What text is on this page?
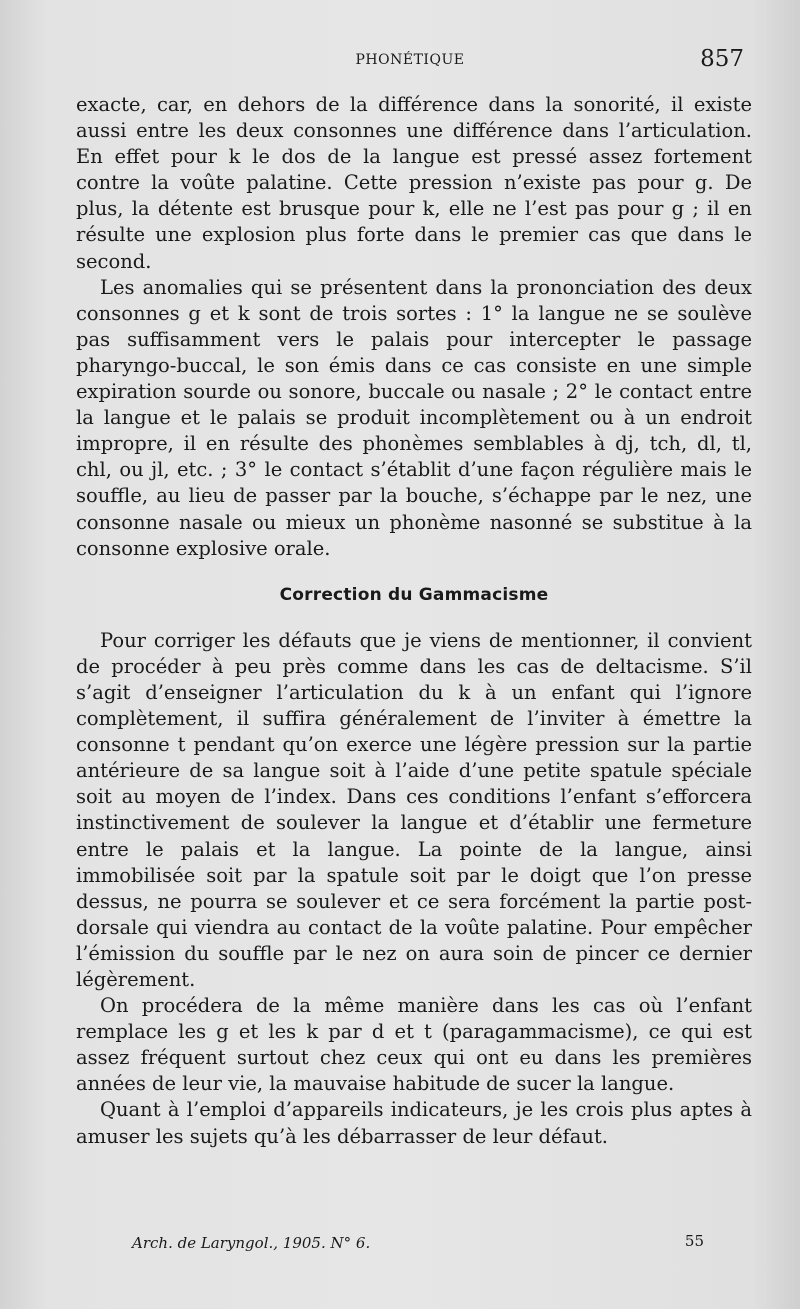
PHONÉTIQUE	857

exacte, car, en dehors de la différence dans la sonorité, il existe aussi entre les deux consonnes une différence dans l’articulation. En effet pour k le dos de la langue est pressé assez fortement contre la voûte palatine. Cette pression n’existe pas pour g. De plus, la détente est brusque pour k, elle ne l’est pas pour g ; il en résulte une explosion plus forte dans le premier cas que dans le second.

Les anomalies qui se présentent dans la prononciation des deux consonnes g et k sont de trois sortes : 1° la langue ne se soulève pas suffisamment vers le palais pour intercepter le passage pharyngo-buccal, le son émis dans ce cas consiste en une simple expiration sourde ou sonore, buccale ou nasale ; 2° le contact entre la langue et le palais se produit incomplètement ou à un endroit impropre, il en résulte des phonèmes semblables à dj, tch, dl, tl, chl, ou jl, etc. ; 3° le contact s’établit d’une façon régulière mais le souffle, au lieu de passer par la bouche, s’échappe par le nez, une consonne nasale ou mieux un phonème nasonné se substitue à la consonne explosive orale.

Correction du Gammacisme

Pour corriger les défauts que je viens de mentionner, il convient de procéder à peu près comme dans les cas de deltacisme. S’il s’agit d’enseigner l’articulation du k à un enfant qui l’ignore complètement, il suffira généralement de l’inviter à émettre la consonne t pendant qu’on exerce une légère pression sur la partie antérieure de sa langue soit à l’aide d’une petite spatule spéciale soit au moyen de l’index. Dans ces conditions l’enfant s’efforcera instinctivement de soulever la langue et d’établir une fermeture entre le palais et la langue. La pointe de la langue, ainsi immobilisée soit par la spatule soit par le doigt que l’on presse dessus, ne pourra se soulever et ce sera forcément la partie post-dorsale qui viendra au contact de la voûte palatine. Pour empêcher l’émission du souffle par le nez on aura soin de pincer ce dernier légèrement.

On procédera de la même manière dans les cas où l’enfant remplace les g et les k par d et t (paragammacisme), ce qui est assez fréquent surtout chez ceux qui ont eu dans les premières années de leur vie, la mauvaise habitude de sucer la langue.

Quant à l’emploi d’appareils indicateurs, je les crois plus aptes à amuser les sujets qu’à les débarrasser de leur défaut.

Arch. de Laryngol., 1905. N° 6.	55
